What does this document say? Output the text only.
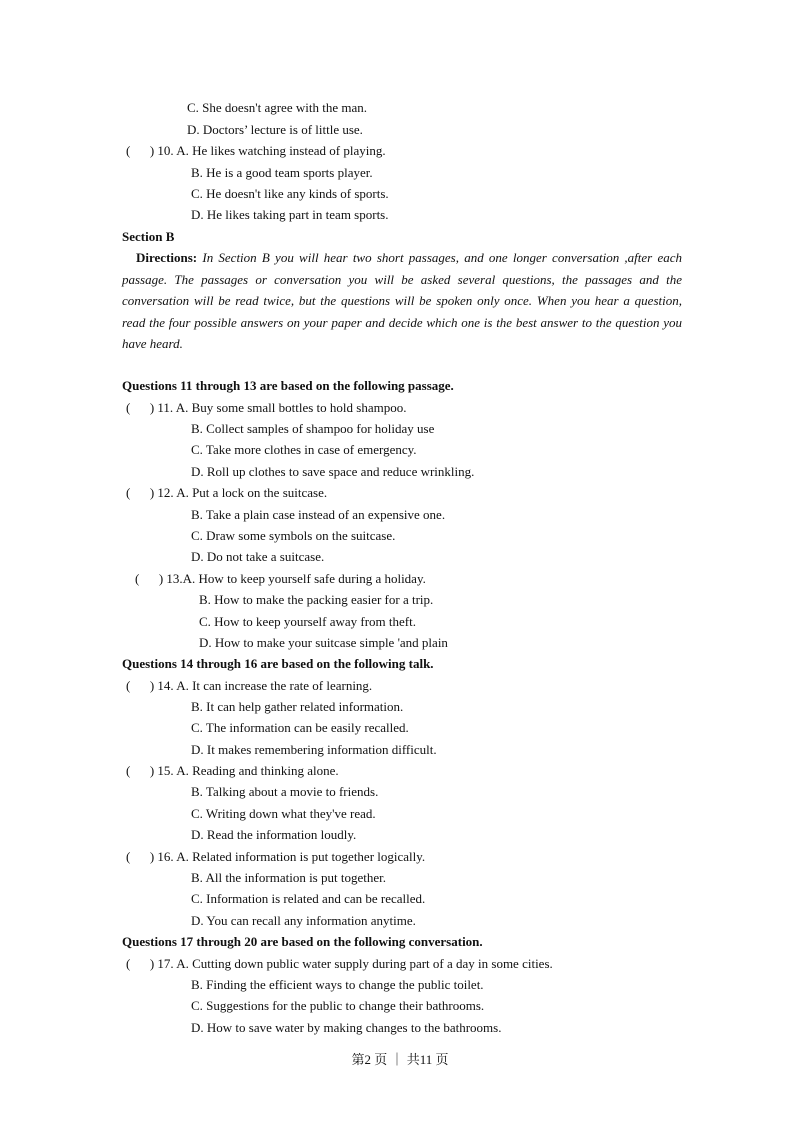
C. She doesn't agree with the man.
D. Doctors’ lecture is of little use.
(      ) 10. A. He likes watching instead of playing.
B. He is a good team sports player.
C. He doesn't like any kinds of sports.
D. He likes taking part in team sports.
Section B
Directions: In Section B you will hear two short passages, and one longer conversation ,after each passage. The passages or conversation you will be asked several questions, the passages and the conversation will be read twice, but the questions will be spoken only once. When you hear a question, read the four possible answers on your paper and decide which one is the best answer to the question you have heard.
Questions 11 through 13 are based on the following passage.
(      ) 11. A. Buy some small bottles to hold shampoo.
B. Collect samples of shampoo for holiday use
C. Take more clothes in case of emergency.
D. Roll up clothes to save space and reduce wrinkling.
(      ) 12. A. Put a lock on the suitcase.
B. Take a plain case instead of an expensive one.
C. Draw some symbols on the suitcase.
D. Do not take a suitcase.
(      ) 13.A. How to keep yourself safe during a holiday.
B. How to make the packing easier for a trip.
C. How to keep yourself away from theft.
D. How to make your suitcase simple 'and plain
Questions 14 through 16 are based on the following talk.
(      ) 14. A. It can increase the rate of learning.
B. It can help gather related information.
C. The information can be easily recalled.
D. It makes remembering information difficult.
(      ) 15. A. Reading and thinking alone.
B. Talking about a movie to friends.
C. Writing down what they've read.
D. Read the information loudly.
(      ) 16. A. Related information is put together logically.
B. All the information is put together.
C. Information is related and can be recalled.
D. You can recall any information anytime.
Questions 17 through 20 are based on the following conversation.
(      ) 17. A. Cutting down public water supply during part of a day in some cities.
B. Finding the efficient ways to change the public toilet.
C. Suggestions for the public to change their bathrooms.
D. How to save water by making changes to the bathrooms.
第2 页 ｜ 共11 页
